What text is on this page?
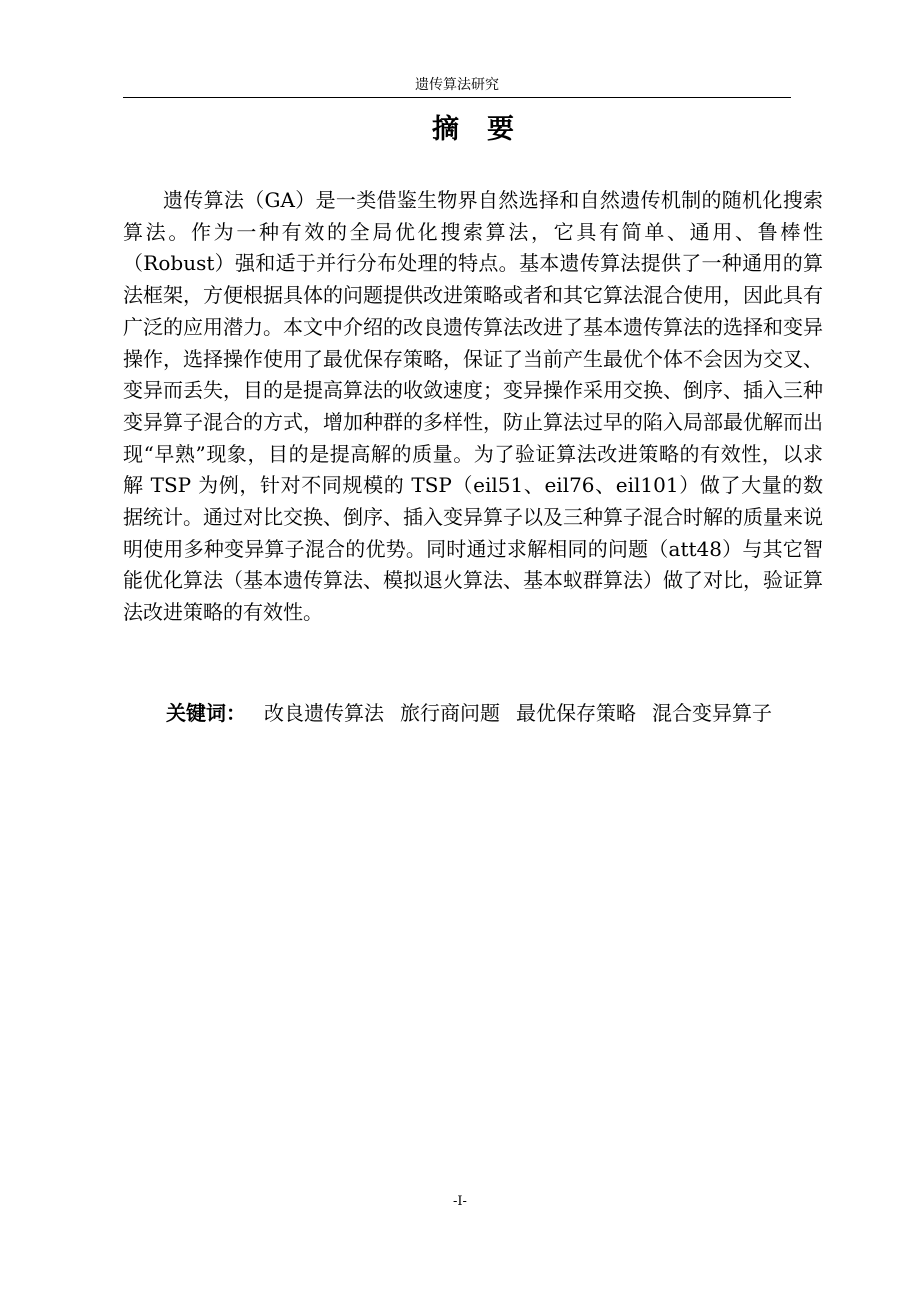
遗传算法研究
摘要

遗传算法（GA）是一类借鉴生物界自然选择和自然遗传机制的随机化搜索算法。作为一种有效的全局优化搜索算法，它具有简单、通用、鲁棒性（Robust）强和适于并行分布处理的特点。基本遗传算法提供了一种通用的算法框架，方便根据具体的问题提供改进策略或者和其它算法混合使用，因此具有广泛的应用潜力。本文中介绍的改良遗传算法改进了基本遗传算法的选择和变异操作，选择操作使用了最优保存策略，保证了当前产生最优个体不会因为交叉、变异而丢失，目的是提高算法的收敛速度；变异操作采用交换、倒序、插入三种变异算子混合的方式，增加种群的多样性，防止算法过早的陷入局部最优解而出现“早熟”现象，目的是提高解的质量。为了验证算法改进策略的有效性，以求解 TSP 为例，针对不同规模的 TSP（eil51、eil76、eil101）做了大量的数据统计。通过对比交换、倒序、插入变异算子以及三种算子混合时解的质量来说明使用多种变异算子混合的优势。同时通过求解相同的问题（att48）与其它智能优化算法（基本遗传算法、模拟退火算法、基本蚁群算法）做了对比，验证算法改进策略的有效性。

关键词： 改良遗传算法 旅行商问题 最优保存策略 混合变异算子
-I-
